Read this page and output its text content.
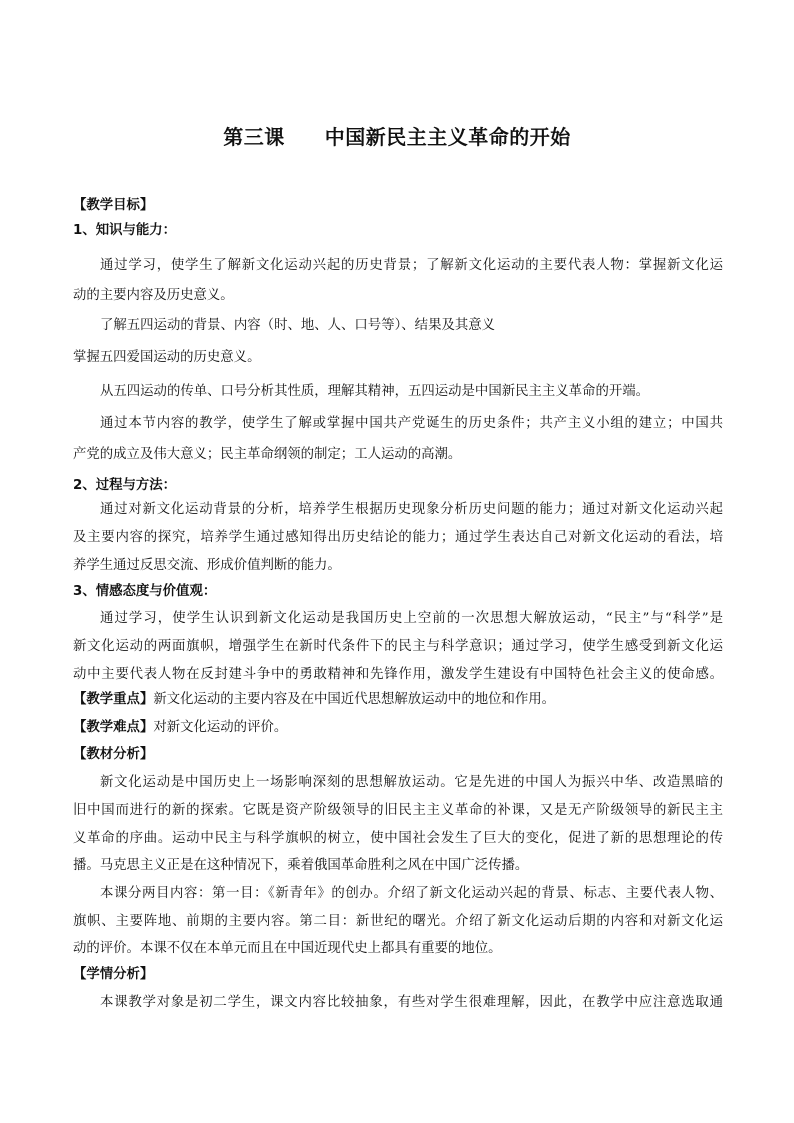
第三课 中国新民主主义革命的开始
【教学目标】
1、知识与能力：
通过学习，使学生了解新文化运动兴起的历史背景；了解新文化运动的主要代表人物：掌握新文化运
动的主要内容及历史意义。
了解五四运动的背景、内容（时、地、人、口号等）、结果及其意义
掌握五四爱国运动的历史意义。
从五四运动的传单、口号分析其性质，理解其精神，五四运动是中国新民主主义革命的开端。
通过本节内容的教学，使学生了解或掌握中国共产党诞生的历史条件；共产主义小组的建立；中国共
产党的成立及伟大意义；民主革命纲领的制定；工人运动的高潮。
2、过程与方法：
通过对新文化运动背景的分析，培养学生根据历史现象分析历史问题的能力；通过对新文化运动兴起
及主要内容的探究，培养学生通过感知得出历史结论的能力；通过学生表达自己对新文化运动的看法，培
养学生通过反思交流、形成价值判断的能力。
3、情感态度与价值观：
通过学习，使学生认识到新文化运动是我国历史上空前的一次思想大解放运动，“民主”与“科学”是
新文化运动的两面旗帜，增强学生在新时代条件下的民主与科学意识；通过学习，使学生感受到新文化运
动中主要代表人物在反封建斗争中的勇敢精神和先锋作用，激发学生建设有中国特色社会主义的使命感。
【教学重点】新文化运动的主要内容及在中国近代思想解放运动中的地位和作用。
【教学难点】对新文化运动的评价。
【教材分析】
新文化运动是中国历史上一场影响深刻的思想解放运动。它是先进的中国人为振兴中华、改造黑暗的
旧中国而进行的新的探索。它既是资产阶级领导的旧民主主义革命的补课，又是无产阶级领导的新民主主
义革命的序曲。运动中民主与科学旗帜的树立，使中国社会发生了巨大的变化，促进了新的思想理论的传
播。马克思主义正是在这种情况下，乘着俄国革命胜利之风在中国广泛传播。
本课分两目内容：第一目：《新青年》的创办。介绍了新文化运动兴起的背景、标志、主要代表人物、
旗帜、主要阵地、前期的主要内容。第二目：新世纪的曙光。介绍了新文化运动后期的内容和对新文化运
动的评价。本课不仅在本单元而且在中国近现代史上都具有重要的地位。
【学情分析】
本课教学对象是初二学生，课文内容比较抽象，有些对学生很难理解，因此，在教学中应注意选取通
